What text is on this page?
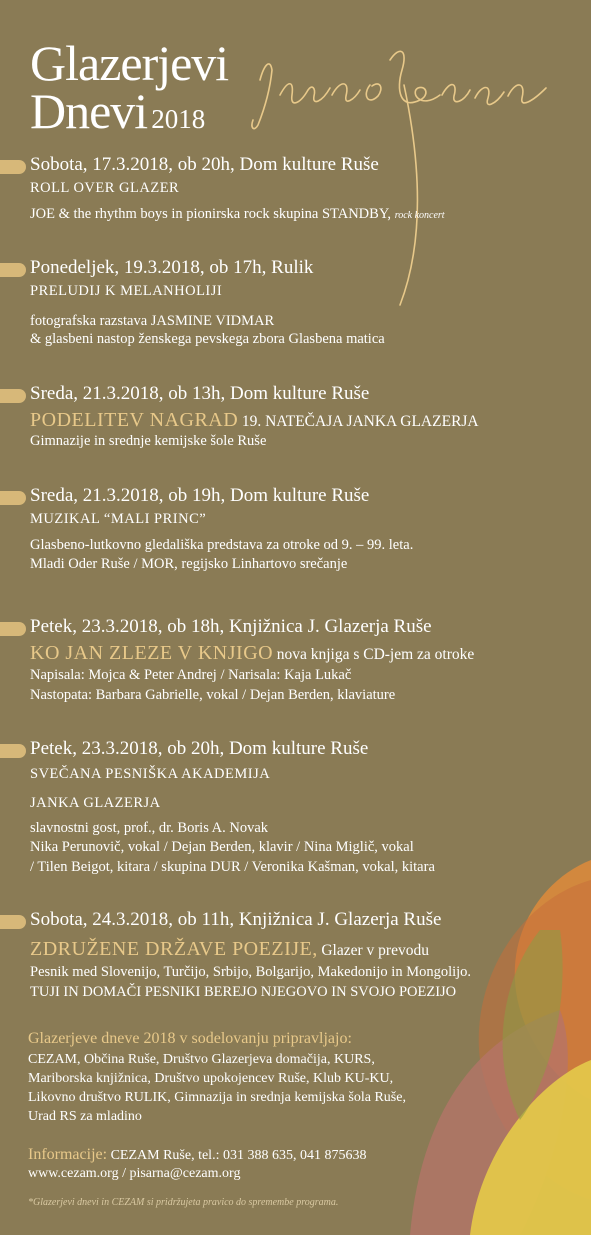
Glazerjevi
Dnevi 2018
Sobota, 17.3.2018, ob 20h, Dom kulture Ruše
ROLL OVER GLAZER
JOE & the rhythm boys in pionirska rock skupina STANDBY, rock koncert
Ponedeljek, 19.3.2018, ob 17h, Rulik
PRELUDIJ K MELANHOLIJI
fotografska razstava JASMINE VIDMAR
& glasbeni nastop ženskega pevskega zbora Glasbena matica
Sreda, 21.3.2018, ob 13h, Dom kulture Ruše
PODELITEV NAGRAD 19. NATEČAJA JANKA GLAZERJA
Gimnazije in srednje kemijske šole Ruše
Sreda, 21.3.2018, ob 19h, Dom kulture Ruše
MUZIKAL “MALI PRINC”
Glasbeno-lutkovno gledališka predstava za otroke od 9. – 99. leta.
Mladi Oder Ruše / MOR, regijsko Linhartovo srečanje
Petek, 23.3.2018, ob 18h, Knjižnica J. Glazerja Ruše
KO JAN ZLEZE V KNJIGO nova knjiga s CD-jem za otroke
Napisala: Mojca & Peter Andrej / Narisala: Kaja Lukač
Nastopata: Barbara Gabrielle, vokal / Dejan Berden, klaviature
Petek, 23.3.2018, ob 20h, Dom kulture Ruše
SVEČANA PESNIŠKA AKADEMIJA
JANKA GLAZERJA
slavnostni gost, prof., dr. Boris A. Novak
Nika Perunovič, vokal / Dejan Berden, klavir / Nina Miglič, vokal
/ Tilen Beigot, kitara / skupina DUR / Veronika Kašman, vokal, kitara
Sobota, 24.3.2018, ob 11h, Knjižnica J. Glazerja Ruše
ZDRUŽENE DRŽAVE POEZIJE, Glazer v prevodu
Pesnik med Slovenijo, Turčijo, Srbijo, Bolgarijo, Makedonijo in Mongolijo.
TUJI IN DOMAČI PESNIKI BEREJO NJEGOVO IN SVOJO POEZIJO
Glazerjeve dneve 2018 v sodelovanju pripravljajo:
CEZAM, Občina Ruše, Društvo Glazerjeva domačija, KURS,
Mariborska knjižnica, Društvo upokojencev Ruše, Klub KU-KU,
Likovno društvo RULIK, Gimnazija in srednja kemijska šola Ruše,
Urad RS za mladino
Informacije: CEZAM Ruše, tel.: 031 388 635, 041 875638
www.cezam.org / pisarna@cezam.org
*Glazerjevi dnevi in CEZAM si pridržujeta pravico do spremembe programa.
